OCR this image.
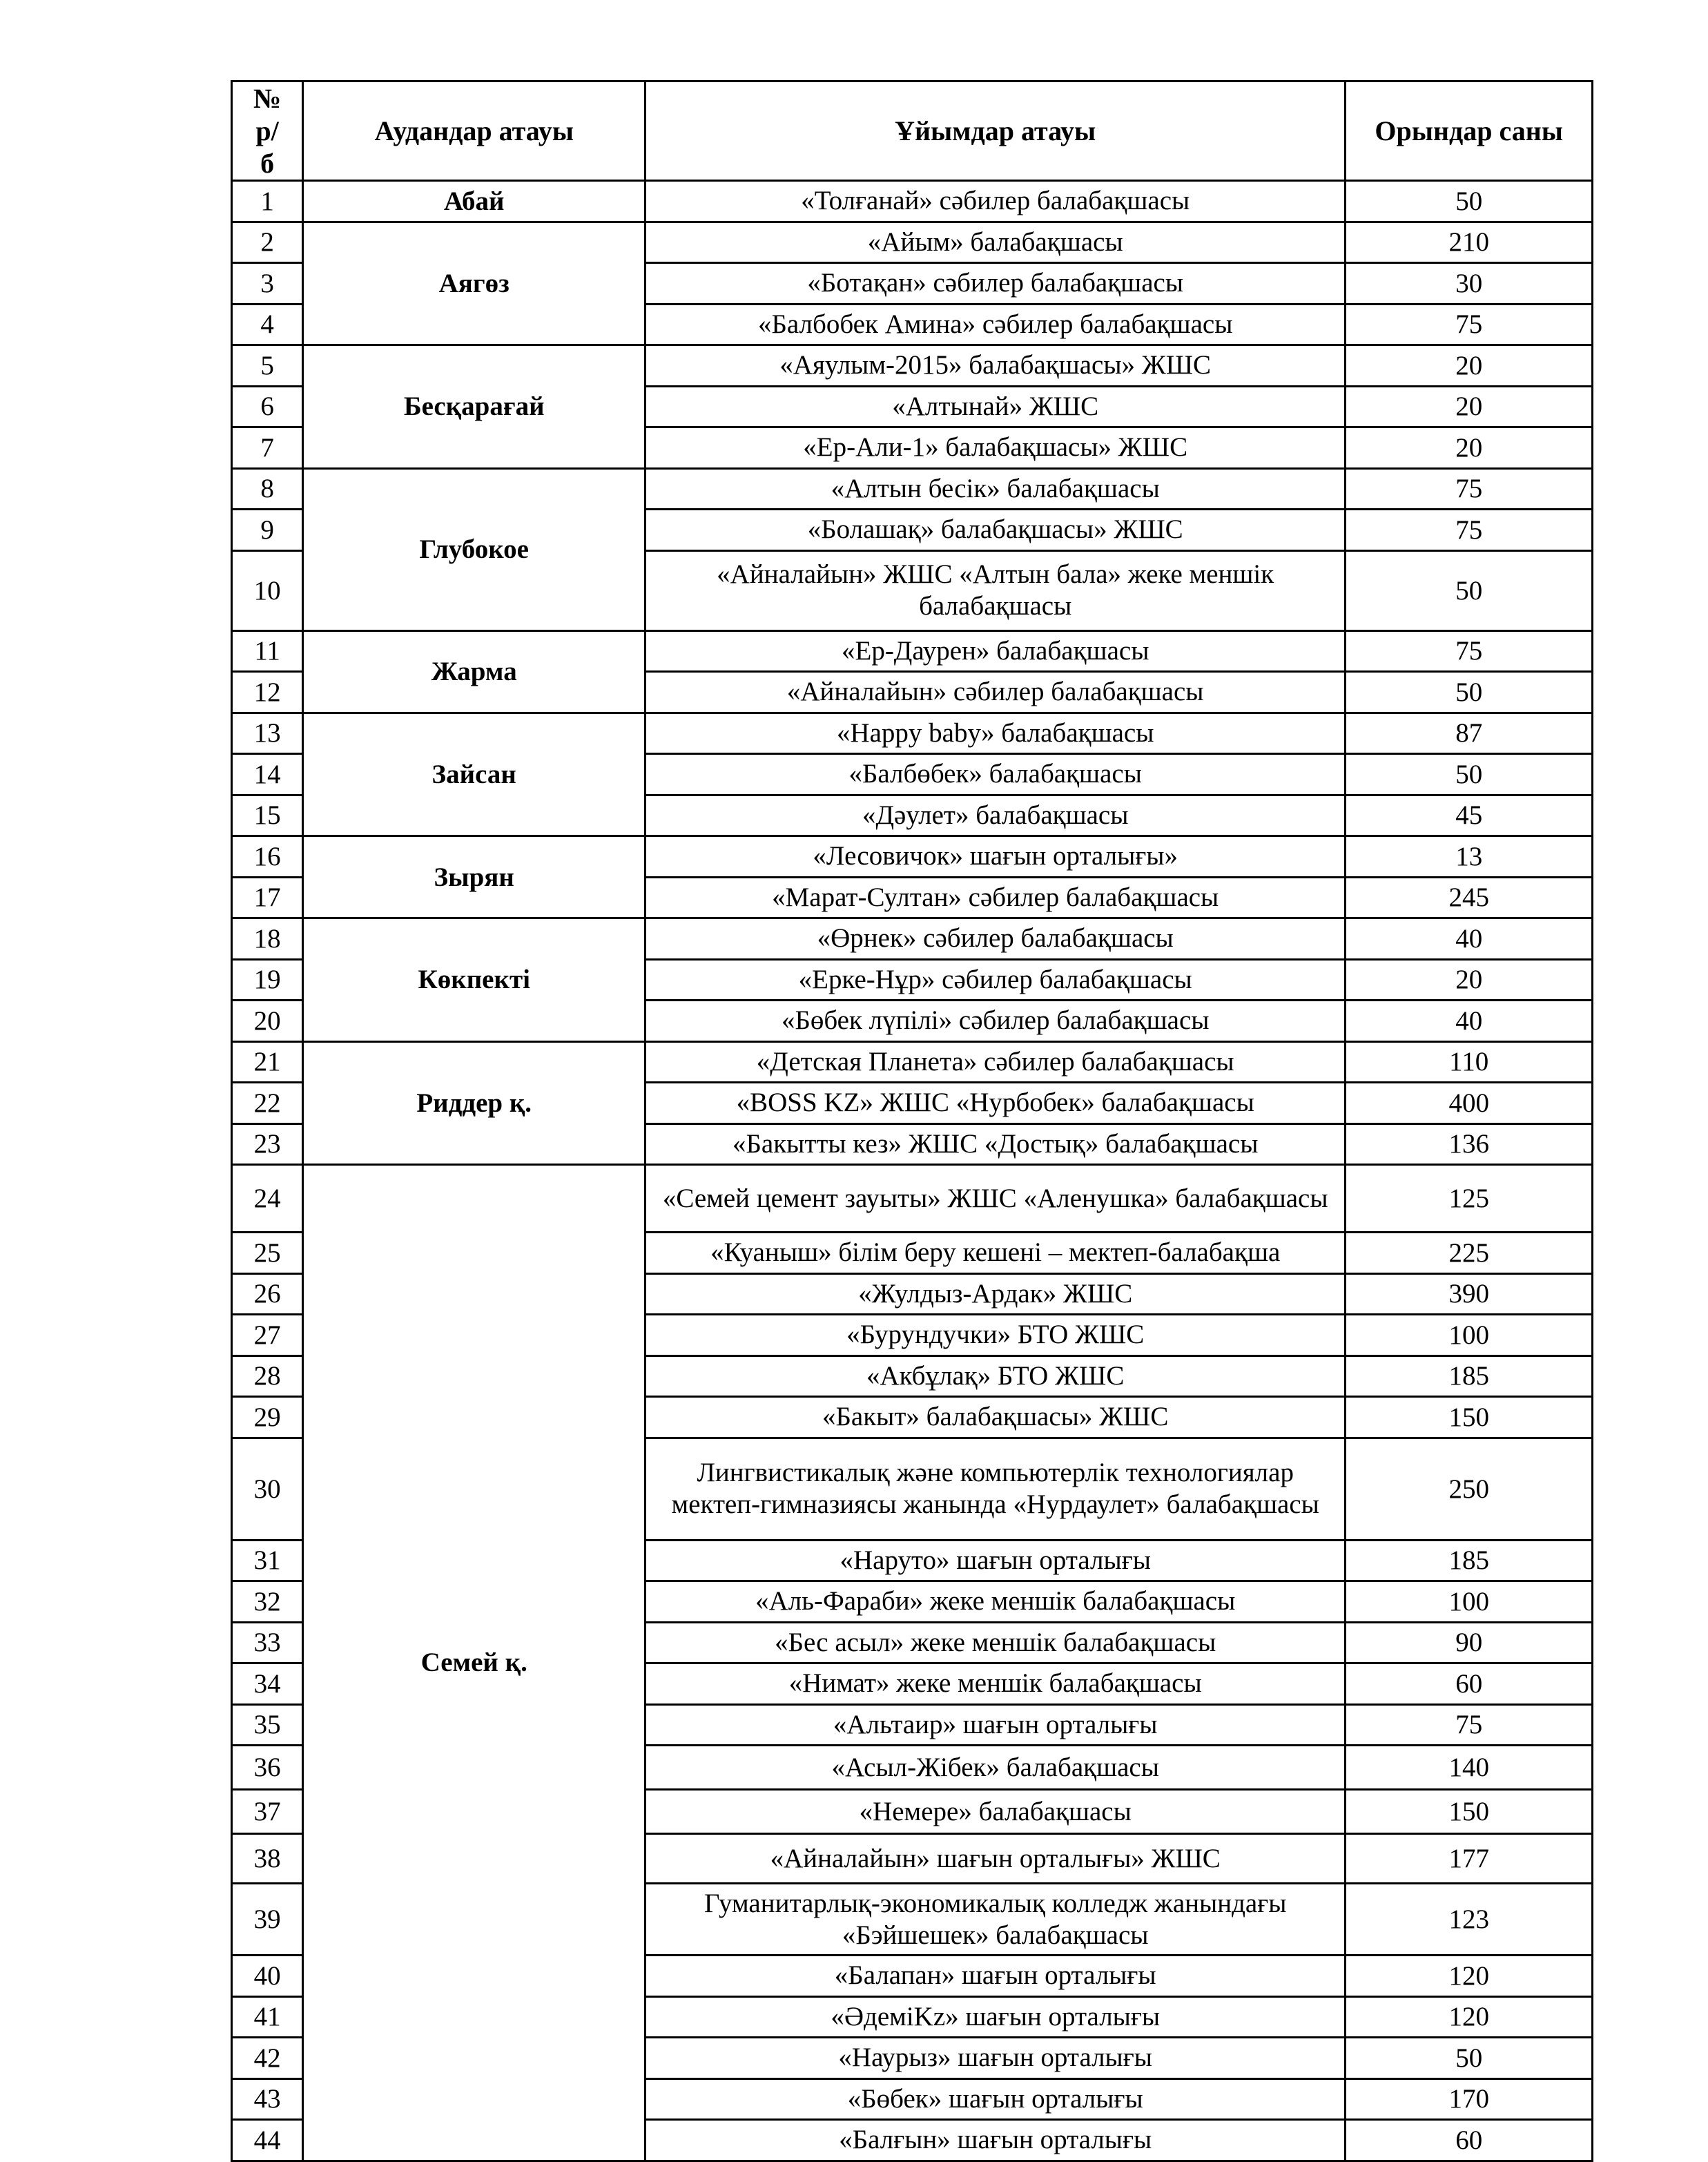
№ р/б	Аудандар атауы	Ұйымдар атауы	Орындар саны
1	Абай	«Толғанай» сәбилер балабақшасы	50
2	Аягөз	«Айым» балабақшасы	210
3		«Ботақан» сәбилер балабақшасы	30
4		«Балбобек Амина» сәбилер балабақшасы	75
5	Бесқарағай	«Аяулым-2015» балабақшасы» ЖШС	20
6		«Алтынай» ЖШС	20
7		«Ер-Али-1» балабақшасы» ЖШС	20
8	Глубокое	«Алтын бесік» балабақшасы	75
9		«Болашақ» балабақшасы» ЖШС	75
10		«Айналайын» ЖШС «Алтын бала» жеке меншік балабақшасы	50
11	Жарма	«Ер-Даурен» балабақшасы	75
12		«Айналайын» сәбилер балабақшасы	50
13	Зайсан	«Happy baby» балабақшасы	87
14		«Балбөбек» балабақшасы	50
15		«Дәулет» балабақшасы	45
16	Зырян	«Лесовичок» шағын орталығы»	13
17		«Марат-Султан» сәбилер балабақшасы	245
18	Көкпекті	«Өрнек» сәбилер балабақшасы	40
19		«Ерке-Нұр» сәбилер балабақшасы	20
20		«Бөбек лүпілі» сәбилер балабақшасы	40
21	Риддер қ.	«Детская Планета» сәбилер балабақшасы	110
22		«BOSS KZ» ЖШС «Нурбобек» балабақшасы	400
23		«Бакытты кез» ЖШС «Достық» балабақшасы	136
24	Семей қ.	«Семей цемент зауыты» ЖШС «Аленушка» балабақшасы	125
25		«Куаныш» білім беру кешені – мектеп-балабақша	225
26		«Жулдыз-Ардак» ЖШС	390
27		«Бурундучки» БТО ЖШС	100
28		«Акбұлақ» БТО ЖШС	185
29		«Бакыт» балабақшасы» ЖШС	150
30		Лингвистикалық және компьютерлік технологиялар мектеп-гимназиясы жанында «Нурдаулет» балабақшасы	250
31		«Наруто» шағын орталығы	185
32		«Аль-Фараби» жеке меншік балабақшасы	100
33		«Бес асыл» жеке меншік балабақшасы	90
34		«Нимат» жеке меншік балабақшасы	60
35		«Альтаир» шағын орталығы	75
36		«Асыл-Жібек» балабақшасы	140
37		«Немере» балабақшасы	150
38		«Айналайын» шағын орталығы» ЖШС	177
39		Гуманитарлық-экономикалық колледж жанындағы «Бэйшешек» балабақшасы	123
40		«Балапан» шағын орталығы	120
41		«ӘдеміKz» шағын орталығы	120
42		«Наурыз» шағын орталығы	50
43		«Бөбек» шағын орталығы	170
44		«Балғын» шағын орталығы	60
